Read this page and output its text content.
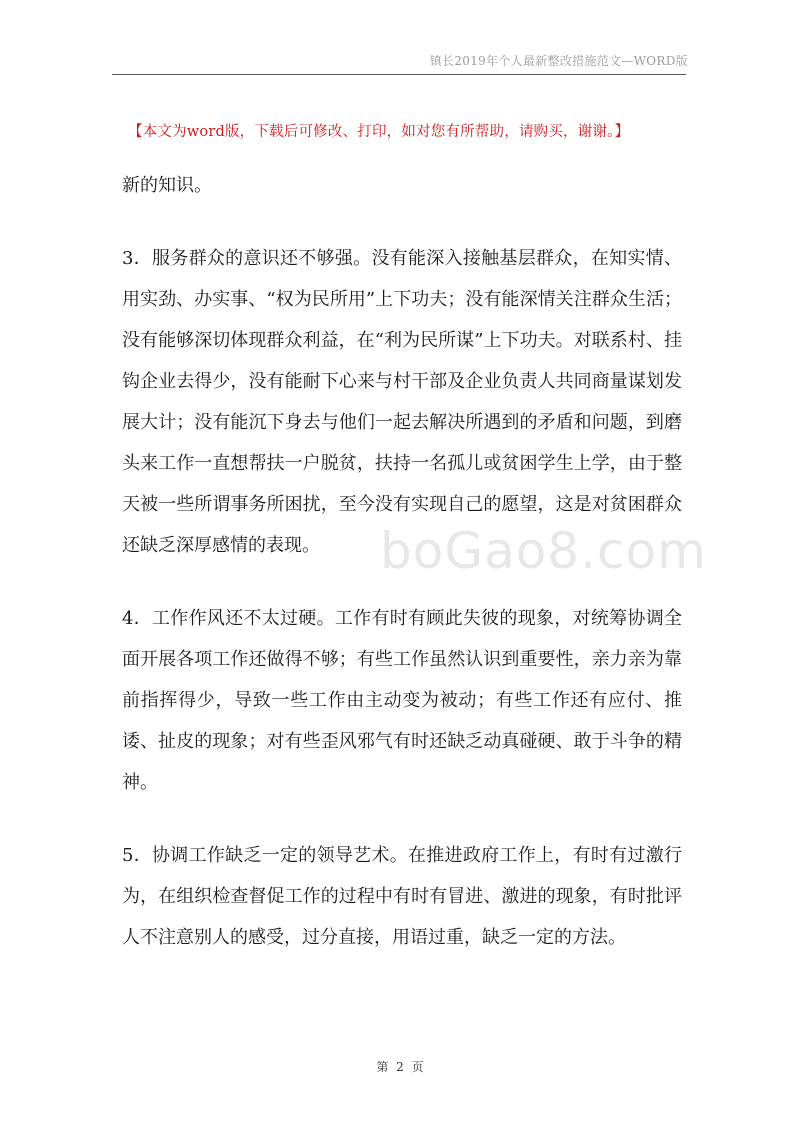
镇长2019年个人最新整改措施范文—WORD版
【本文为word版，下载后可修改、打印，如对您有所帮助，请购买，谢谢。】

新的知识。

3．服务群众的意识还不够强。没有能深入接触基层群众，在知实情、用实劲、办实事、“权为民所用”上下功夫；没有能深情关注群众生活；没有能够深切体现群众利益，在“利为民所谋”上下功夫。对联系村、挂钩企业去得少，没有能耐下心来与村干部及企业负责人共同商量谋划发展大计；没有能沉下身去与他们一起去解决所遇到的矛盾和问题，到磨头来工作一直想帮扶一户脱贫，扶持一名孤儿或贫困学生上学，由于整天被一些所谓事务所困扰，至今没有实现自己的愿望，这是对贫困群众还缺乏深厚感情的表现。

4．工作作风还不太过硬。工作有时有顾此失彼的现象，对统筹协调全面开展各项工作还做得不够；有些工作虽然认识到重要性，亲力亲为靠前指挥得少，导致一些工作由主动变为被动；有些工作还有应付、推诿、扯皮的现象；对有些歪风邪气有时还缺乏动真碰硬、敢于斗争的精神。

5．协调工作缺乏一定的领导艺术。在推进政府工作上，有时有过激行为，在组织检查督促工作的过程中有时有冒进、激进的现象，有时批评人不注意别人的感受，过分直接，用语过重，缺乏一定的方法。

boGao8.com
第 2 页
